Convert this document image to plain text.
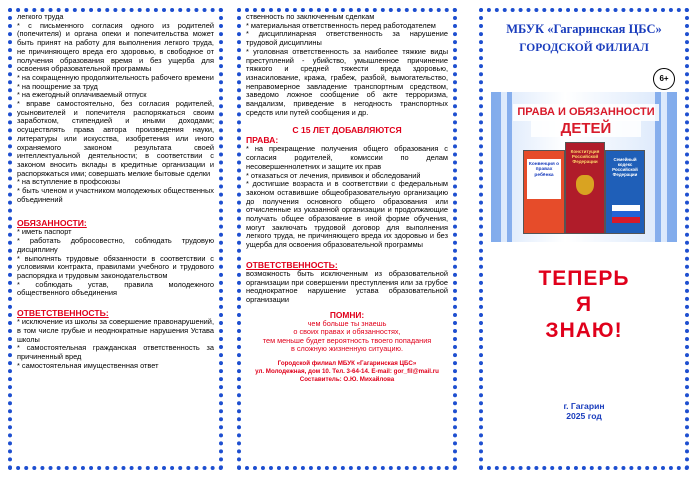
легкого труда

* с письменного согласия одного из родителей (попечителя) и органа опеки и попечительства может быть принят на работу для выполнения легкого труда, не причиняющего вреда его здоровью, в свободное от получения образования время и без ущерба для освоения образовательной программы

* на сокращенную продолжительность рабочего времени

* на поощрение за труд

* на ежегодный оплачиваемый отпуск

* вправе самостоятельно, без согласия родителей, усыновителей и попечителя распоряжаться своим заработком, стипендией и иными доходами; осуществлять права автора произведения науки, литературы или искусства, изобретения или иного охраняемого законом результата своей интеллектуальной деятельности; в соответствии с законом вносить вклады в кредитные организации и распоряжаться ими; совершать мелкие бытовые сделки

* на вступление в профсоюзы

* быть членом и участником молодежных общественных объединений

ОБЯЗАННОСТИ:

* иметь паспорт

* работать добросовестно, соблюдать трудовую дисциплину

* выполнять трудовые обязанности в соответствии с условиями контракта, правилами учебного и трудового распорядка и трудовым законодательством

* соблюдать устав, правила молодежного общественного объединения

ОТВЕТСТВЕННОСТЬ:

* исключение из школы за совершение правонарушений, в том числе грубые и неоднократные нарушения Устава школы

* самостоятельная гражданская ответственность за причиненный вред

* самостоятельная имущественная ответ

ственность по заключенным сделкам

* материальная ответственность перед работодателем

* дисциплинарная ответственность за нарушение трудовой дисциплины

* уголовная ответственность за наиболее тяжкие виды преступлений - убийство, умышленное причинение тяжкого и средней тяжести вреда здоровью, изнасилование, кража, грабеж, разбой, вымогательство, неправомерное завладение транспортным средством, заведомо ложное сообщение об акте терроризма, вандализм, приведение в негодность транспортных средств или путей сообщения и др.

С 15 ЛЕТ ДОБАВЛЯЮТСЯ

ПРАВА:

* на прекращение получения общего образования с согласия родителей, комиссии по делам несовершеннолетних и защите их прав

* отказаться от лечения, прививок и обследований

* достигшие возраста и в соответствии с федеральным законом оставившие общеобразовательную организацию до получения основного общего образования или отчисленные из указанной организации и продолжающие получать общее образование в иной форме обучения, могут заключать трудовой договор для выполнения легкого труда, не причиняющего вреда их здоровью и без ущерба для освоения образовательной программы

ОТВЕТСТВЕННОСТЬ:

возможность быть исключенным из образовательной организации при совершении преступления или за грубое неоднократное нарушение устава образовательной организации

ПОМНИ:

чем больше ты знаешь

о своих правах и обязанностях,

тем меньше будет вероятность твоего попадания

в сложную жизненную ситуацию.

Городской филиал МБУК «Гагаринская ЦБС»

ул. Молодежная, дом 10. Тел. 3-64-14. E-mail: gor_fil@mail.ru

Составитель: О.Ю. Михайлова

МБУК «Гагаринская ЦБС»
ГОРОДСКОЙ ФИЛИАЛ
6+
ПРАВА И ОБЯЗАННОСТИ
ДЕТЕЙ
Конвенция о правах ребёнка
Конституция Российской Федерации	Семейный кодекс Российской Федерации
ТЕПЕРЬ
Я
ЗНАЮ!
г. Гагарин
2025 год
